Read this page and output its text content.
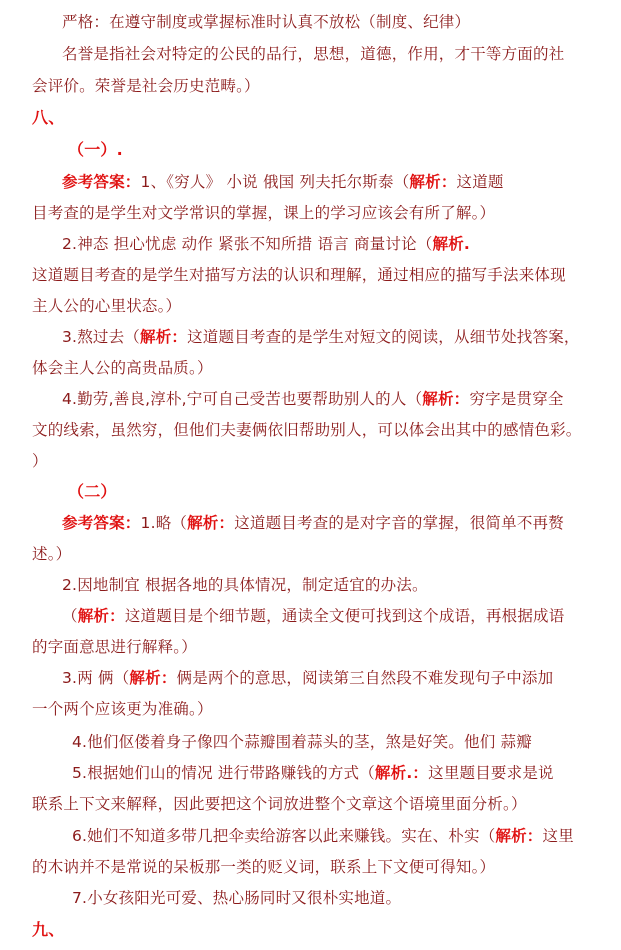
严格：在遵守制度或掌握标准时认真不放松（制度、纪律）
名誉是指社会对特定的公民的品行，思想，道德，作用，才干等方面的社
会评价。荣誉是社会历史范畴。）
八、
（一）.
参考答案：1、《穷人》 小说 俄国 列夫托尔斯泰（解析：这道题
目考查的是学生对文学常识的掌握，课上的学习应该会有所了解。）
2.神态 担心忧虑 动作 紧张不知所措 语言 商量讨论（解析.
这道题目考查的是学生对描写方法的认识和理解，通过相应的描写手法来体现
主人公的心里状态。）
3.熬过去（解析：这道题目考查的是学生对短文的阅读，从细节处找答案，
体会主人公的高贵品质。）
4.勤劳,善良,淳朴,宁可自己受苦也要帮助别人的人（解析：穷字是贯穿全
文的线索，虽然穷，但他们夫妻俩依旧帮助别人，可以体会出其中的感情色彩。
）
（二）
参考答案：1.略（解析：这道题目考查的是对字音的掌握，很简单不再赘
述。）
2.因地制宜 根据各地的具体情况，制定适宜的办法。
（解析：这道题目是个细节题，通读全文便可找到这个成语，再根据成语
的字面意思进行解释。）
3.两 俩（解析：俩是两个的意思，阅读第三自然段不难发现句子中添加
一个两个应该更为准确。）
4.他们伛偻着身子像四个蒜瓣围着蒜头的茎，煞是好笑。他们 蒜瓣
5.根据她们山的情况 进行带路赚钱的方式（解析.：这里题目要求是说
联系上下文来解释，因此要把这个词放进整个文章这个语境里面分析。）
6.她们不知道多带几把伞卖给游客以此来赚钱。实在、朴实（解析：这里
的木讷并不是常说的呆板那一类的贬义词，联系上下文便可得知。）
7.小女孩阳光可爱、热心肠同时又很朴实地道。
九、
